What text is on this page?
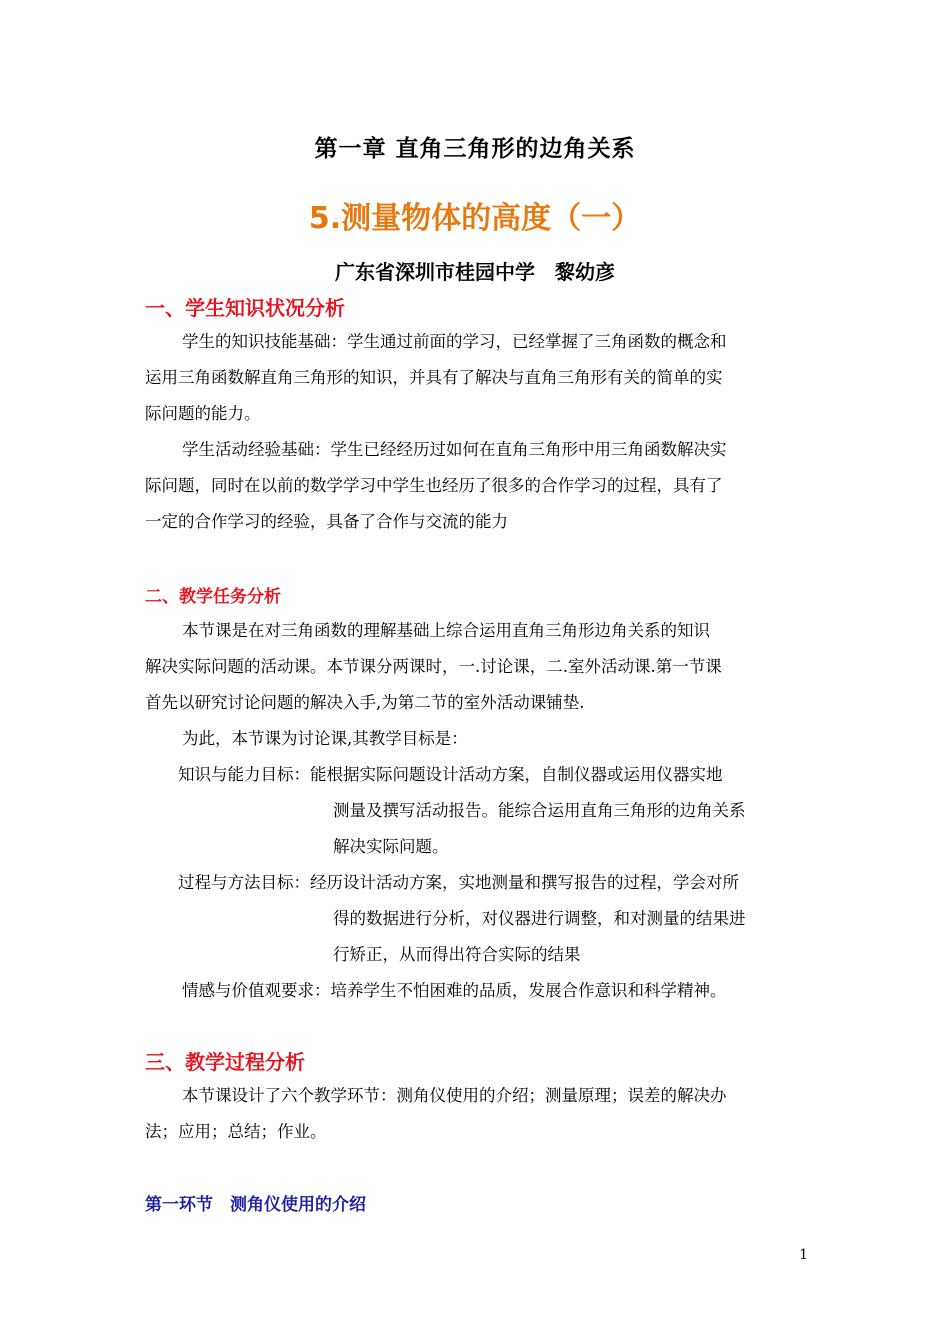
第一章 直角三角形的边角关系
5.测量物体的高度（一）
广东省深圳市桂园中学　黎幼彦
一、学生知识状况分析
学生的知识技能基础：学生通过前面的学习，已经掌握了三角函数的概念和
运用三角函数解直角三角形的知识，并具有了解决与直角三角形有关的简单的实
际问题的能力。
学生活动经验基础：学生已经经历过如何在直角三角形中用三角函数解决实
际问题，同时在以前的数学学习中学生也经历了很多的合作学习的过程，具有了
一定的合作学习的经验，具备了合作与交流的能力
二、教学任务分析
本节课是在对三角函数的理解基础上综合运用直角三角形边角关系的知识
解决实际问题的活动课。本节课分两课时，一.讨论课，二.室外活动课.第一节课
首先以研究讨论问题的解决入手,为第二节的室外活动课铺垫.
为此，本节课为讨论课,其教学目标是：
知识与能力目标：能根据实际问题设计活动方案，自制仪器或运用仪器实地
测量及撰写活动报告。能综合运用直角三角形的边角关系
解决实际问题。
过程与方法目标：经历设计活动方案，实地测量和撰写报告的过程，学会对所
得的数据进行分析，对仪器进行调整，和对测量的结果进
行矫正，从而得出符合实际的结果
情感与价值观要求：培养学生不怕困难的品质，发展合作意识和科学精神。
三、教学过程分析
本节课设计了六个教学环节：测角仪使用的介绍；测量原理；误差的解决办
法；应用；总结；作业。
第一环节　测角仪使用的介绍
1
